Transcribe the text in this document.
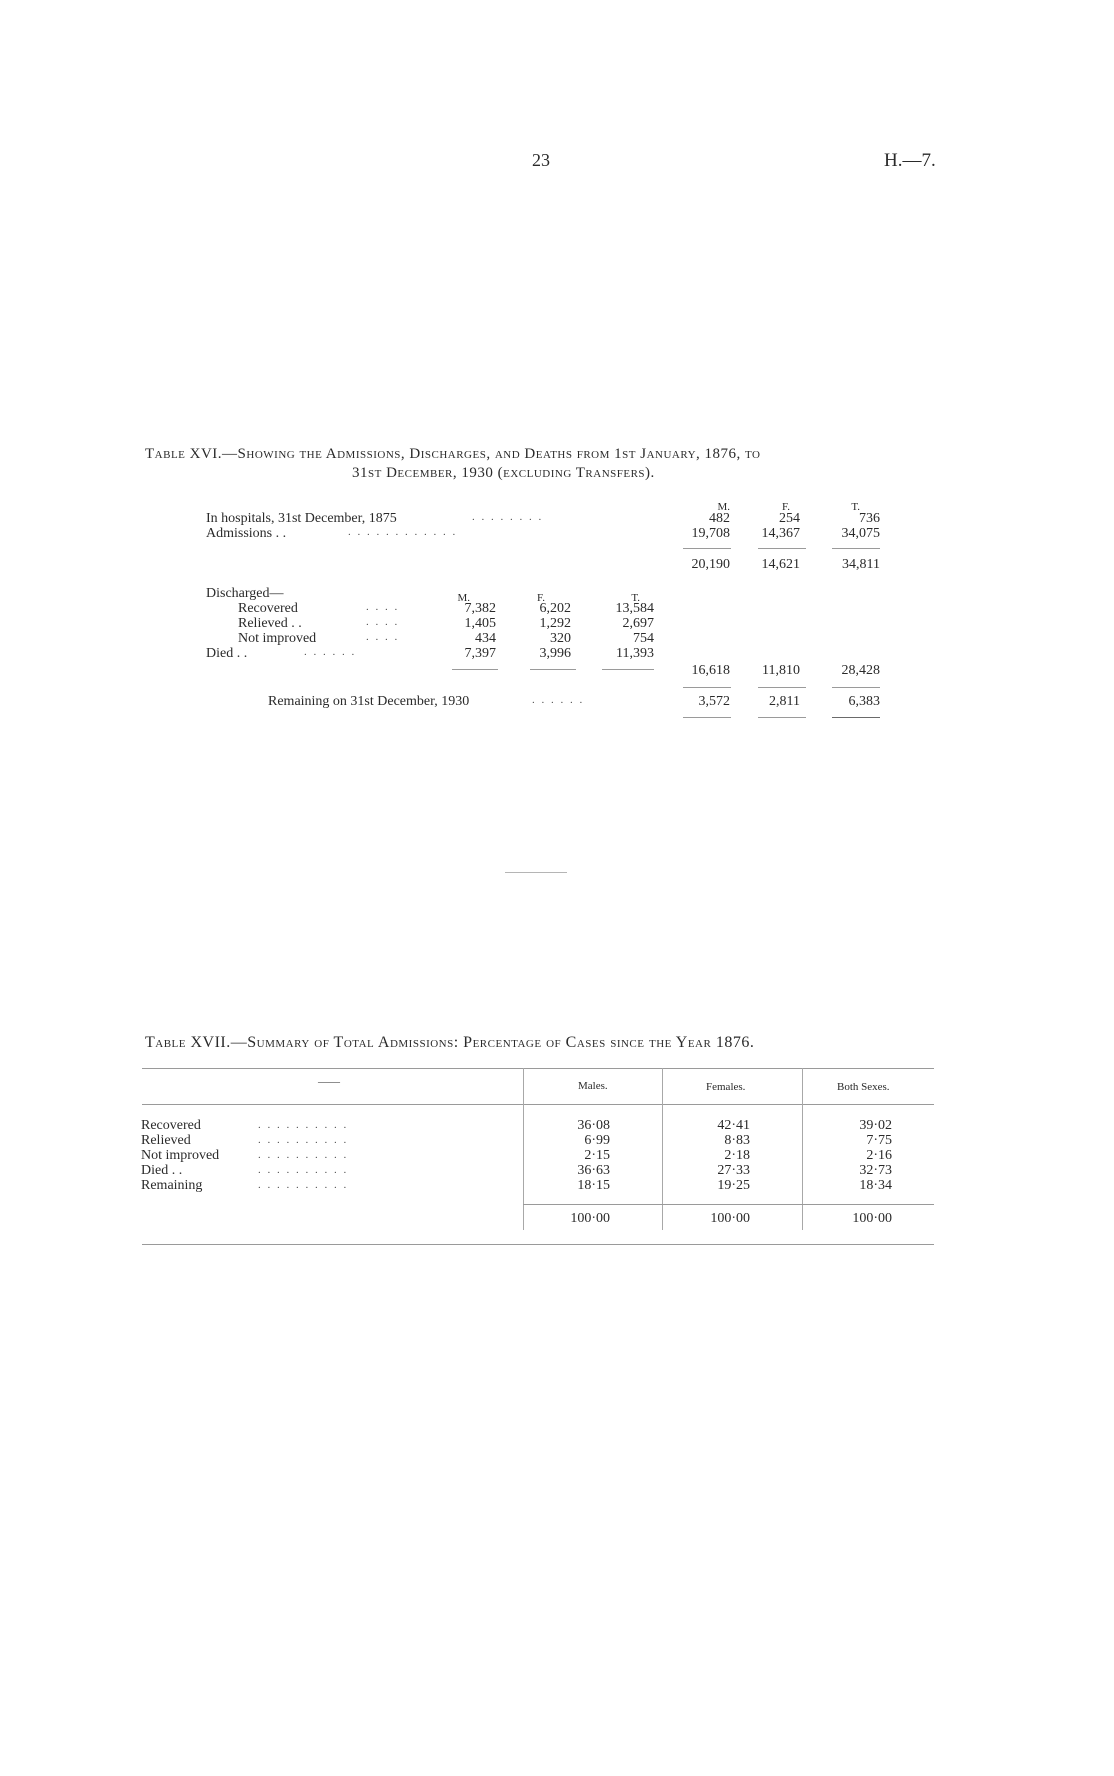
23	H.—7.
Table XVI.—Showing the Admissions, Discharges, and Deaths from 1st January, 1876, to
31st December, 1930 (excluding Transfers).
M.	F.	T.
In hospitals, 31st December, 1875	. . . . . . . .	482	254	736
Admissions . .	. . . . . . . . . . . .	19,708	14,367	34,075
20,190	14,621	34,811
Discharged—	M.	F.	T.
Recovered	. . . .	7,382	6,202	13,584
Relieved . .	. . . .	1,405	1,292	2,697
Not improved	. . . .	434	320	754
Died . .	. . . . . .	7,397	3,996	11,393
16,618	11,810	28,428
Remaining on 31st December, 1930	. . . . . .	3,572	2,811	6,383
Table XVII.—Summary of Total Admissions: Percentage of Cases since the Year 1876.
——	Males.	Females.	Both Sexes.
Recovered	. . . . . . . . . .	36·08	42·41	39·02
Relieved	. . . . . . . . . .	6·99	8·83	7·75
Not improved	. . . . . . . . . .	2·15	2·18	2·16
Died . .	. . . . . . . . . .	36·63	27·33	32·73
Remaining	. . . . . . . . . .	18·15	19·25	18·34
100·00	100·00	100·00
